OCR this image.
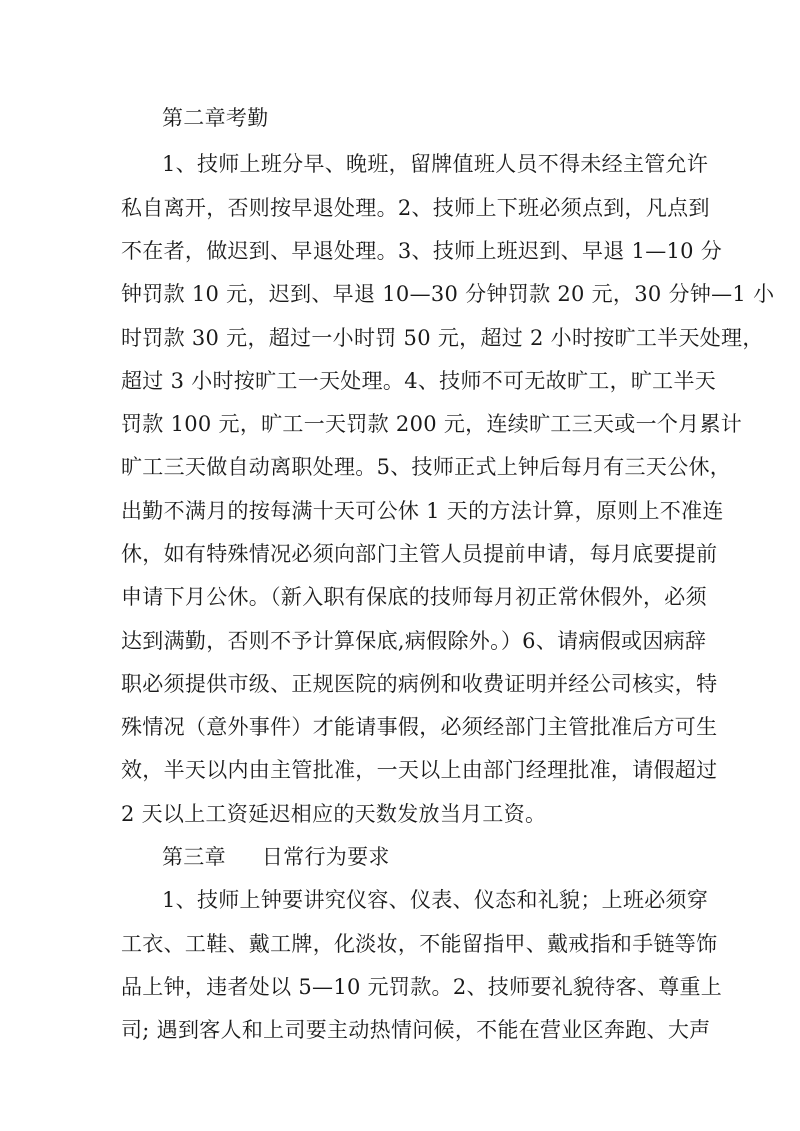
第二章考勤
1、技师上班分早、晚班，留牌值班人员不得未经主管允许
私自离开，否则按早退处理。2、技师上下班必须点到，凡点到
不在者，做迟到、早退处理。3、技师上班迟到、早退 1—10 分
钟罚款 10 元，迟到、早退 10—30 分钟罚款 20 元，30 分钟—1 小
时罚款 30 元，超过一小时罚 50 元，超过 2 小时按旷工半天处理，
超过 3 小时按旷工一天处理。4、技师不可无故旷工，旷工半天
罚款 100 元，旷工一天罚款 200 元，连续旷工三天或一个月累计
旷工三天做自动离职处理。5、技师正式上钟后每月有三天公休，
出勤不满月的按每满十天可公休 1 天的方法计算，原则上不准连
休，如有特殊情况必须向部门主管人员提前申请，每月底要提前
申请下月公休。（新入职有保底的技师每月初正常休假外，必须
达到满勤，否则不予计算保底,病假除外。）6、请病假或因病辞
职必须提供市级、正规医院的病例和收费证明并经公司核实，特
殊情况（意外事件）才能请事假，必须经部门主管批准后方可生
效，半天以内由主管批准，一天以上由部门经理批准，请假超过
2 天以上工资延迟相应的天数发放当月工资。
第三章 日常行为要求
1、技师上钟要讲究仪容、仪表、仪态和礼貌；上班必须穿
工衣、工鞋、戴工牌，化淡妆，不能留指甲、戴戒指和手链等饰
品上钟，违者处以 5—10 元罚款。2、技师要礼貌待客、尊重上
司; 遇到客人和上司要主动热情问候，不能在营业区奔跑、大声
